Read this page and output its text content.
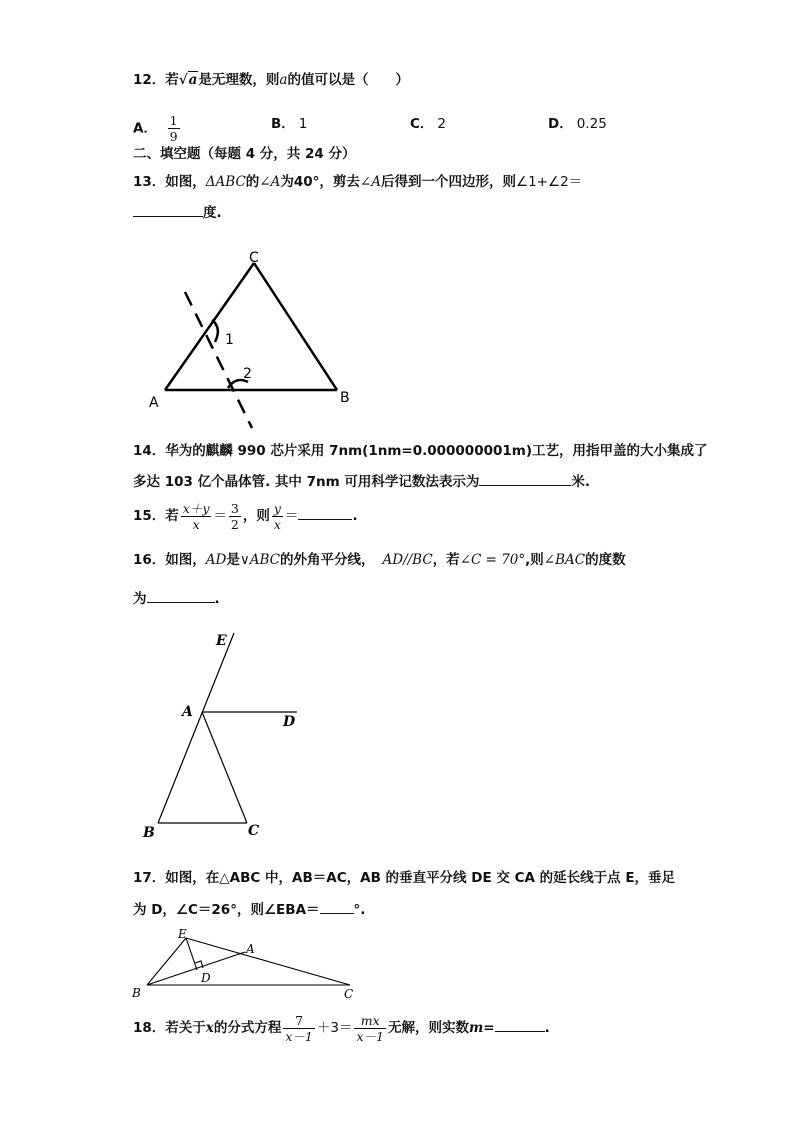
12．若√a是无理数，则a的值可以是（　　）
A． $\frac{1}{9}$	B． 1	C． 2	D． 0.25
二、填空题（每题 4 分，共 24 分）
13．如图，ΔABC的∠A为40°，剪去∠A后得到一个四边形，则∠1+∠2＝
度.
C
A	B
1
2
14．华为的麒麟 990 芯片采用 7nm(1nm=0.000000001m)工艺，用指甲盖的大小集成了
多达 103 亿个晶体管. 其中 7nm 可用科学记数法表示为	米.
15．若 $\frac{x+y}{x} = \frac{3}{2}$ ，则 $\frac{y}{x}$ ＝	.
16．如图，AD是∨ABC的外角平分线， AD//BC，若∠C = 70°,则∠BAC的度数
为	.
E
A
D
B	C
17．如图，在△ABC 中，AB＝AC，AB 的垂直平分线 DE 交 CA 的延长线于点 E，垂足
为 D，∠C＝26°，则∠EBA＝	°.
E
A
D
B	C
18．若关于x的分式方程 $\frac{7}{x-1} +3= \frac{mx}{x-1}$ 无解，则实数m=	.
